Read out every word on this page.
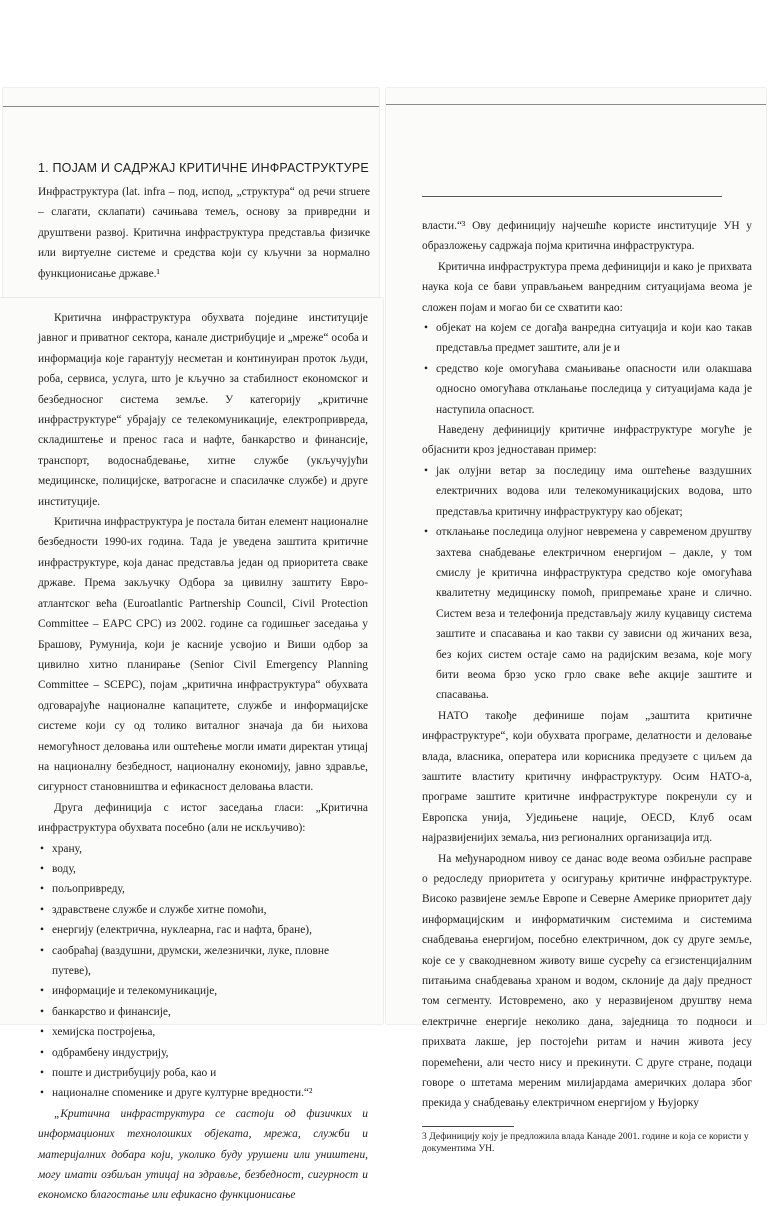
1. ПОЈАМ И САДРЖАЈ КРИТИЧНЕ ИНФРАСТРУКТУРЕ

Инфраструктура (lat. infra – под, испод, „структура“ од речи struere – слагати, склапати) сачињава темељ, основу за привредни и друштвени развој. Критична инфраструктура представља физичке или виртуелне системе и средства који су кључни за нормално функционисање државе.¹

Критична инфраструктура обухвата поједине институције јавног и приватног сектора, канале дистрибуције и „мреже“ особа и информација које гарантују несметан и континуиран проток људи, роба, сервиса, услуга, што је кључно за стабилност економског и безбедносног система земље. У категорију „критичне инфраструктуре“ убрајају се телекомуникације, електропривреда, складиштење и пренос гаса и нафте, банкарство и финансије, транспорт, водоснабдевање, хитне службе (укључујући медицинске, полицијске, ватрогасне и спасилачке службе) и друге институције.

Критична инфраструктура је постала битан елемент националне безбедности 1990-их година. Тада је уведена заштита критичне инфраструктуре, која данас представља један од приоритета сваке државе. Према закључку Одбора за цивилну заштиту Евро-атлантског већа (Euroatlantic Partnership Council, Civil Protection Committee – EAPC CPC) из 2002. године са годишњег заседања у Брашову, Румунија, који је касније усвојио и Виши одбор за цивилно хитно планирање (Senior Civil Emergency Planning Committee – SCEPC), појам „критична инфраструктура“ обухвата одговарајуће националне капацитете, службе и информацијске системе који су од толико виталног значаја да би њихова немогућност деловања или оштећење могли имати директан утицај на националну безбедност, националну економију, јавно здравље, сигурност становништва и ефикасност деловања власти.

Друга дефиниција с истог заседања гласи: „Критична инфраструктура обухвата посебно (али не искључиво):

• храну,
• воду,
• пољопривреду,
• здравствене службе и службе хитне помоћи,
• енергију (електрична, нуклеарна, гас и нафта, бране),
• саобраћај (ваздушни, друмски, железнички, луке, пловне путеве),
• информације и телекомуникације,
• банкарство и финансије,
• хемијска постројења,
• одбрамбену индустрију,
• поште и дистрибуцију роба, као и
• националне споменике и друге културне вредности.“²

„Критична инфраструктура се састоји од физичких и информационих технолошких објеката, мрежа, служби и материјалних добара који, уколико буду урушени или уништени, могу имати озбиљан утицај на здравље, безбедност, сигурност и економско благостање или ефикасно функционисање

власти.“³ Ову дефиницију најчешће користе институције УН у образложењу садржаја појма критична инфраструктура.

Критична инфраструктура према дефиницији и како је прихвата наука која се бави управљањем ванредним ситуацијама веома је сложен појам и могао би се схватити као:

• објекат на којем се догађа ванредна ситуација и који као такав представља предмет заштите, али је и
• средство које омогућава смањивање опасности или олакшава односно омогућава отклањање последица у ситуацијама када је наступила опасност.

Наведену дефиницију критичне инфраструктуре могуће је објаснити кроз једноставан пример:

• јак олујни ветар за последицу има оштећење ваздушних електричних водова или телекомуникацијских водова, што представља критичну инфраструктуру као објекат;
• отклањање последица олујног невремена у савременом друштву захтева снабдевање електричном енергијом – дакле, у том смислу је критична инфраструктура средство које омогућава квалитетну медицинску помоћ, припремање хране и слично. Систем веза и телефонија представљају жилу куцавицу система заштите и спасавања и као такви су зависни од жичаних веза, без којих систем остаје само на радијским везама, које могу бити веома брзо уско грло сваке веће акције заштите и спасавања.

НАТО такође дефинише појам „заштита критичне инфраструктуре“, који обухвата програме, делатности и деловање влада, власника, оператера или корисника предузете с циљем да заштите властиту критичну инфраструктуру. Осим НАТО-а, програме заштите критичне инфраструктуре покренули су и Европска унија, Уједињене нације, OECD, Клуб осам најразвијенијих земаља, низ регионалних организација итд.

На међународном нивоу се данас воде веома озбиљне расправе о редоследу приоритета у осигурању критичне инфраструктуре. Високо развијене земље Европе и Северне Америке приоритет дају информацијским и информатичким системима и системима снабдевања енергијом, посебно електричном, док су друге земље, које се у свакодневном животу више сусрећу са егзистенцијалним питањима снабдевања храном и водом, склоније да дају предност том сегменту. Истовремено, ако у неразвијеном друштву нема електричне енергије неколико дана, заједница то подноси и прихвата лакше, јер постојећи ритам и начин живота јесу поремећени, али често нису и прекинути. С друге стране, подаци говоре о штетама мереним милијардама америчких долара због прекида у снабдевању електричном енергијом у Њујорку

3 Дефиницију коју је предложила влада Канаде 2001. године и која се користи у документима УН.
